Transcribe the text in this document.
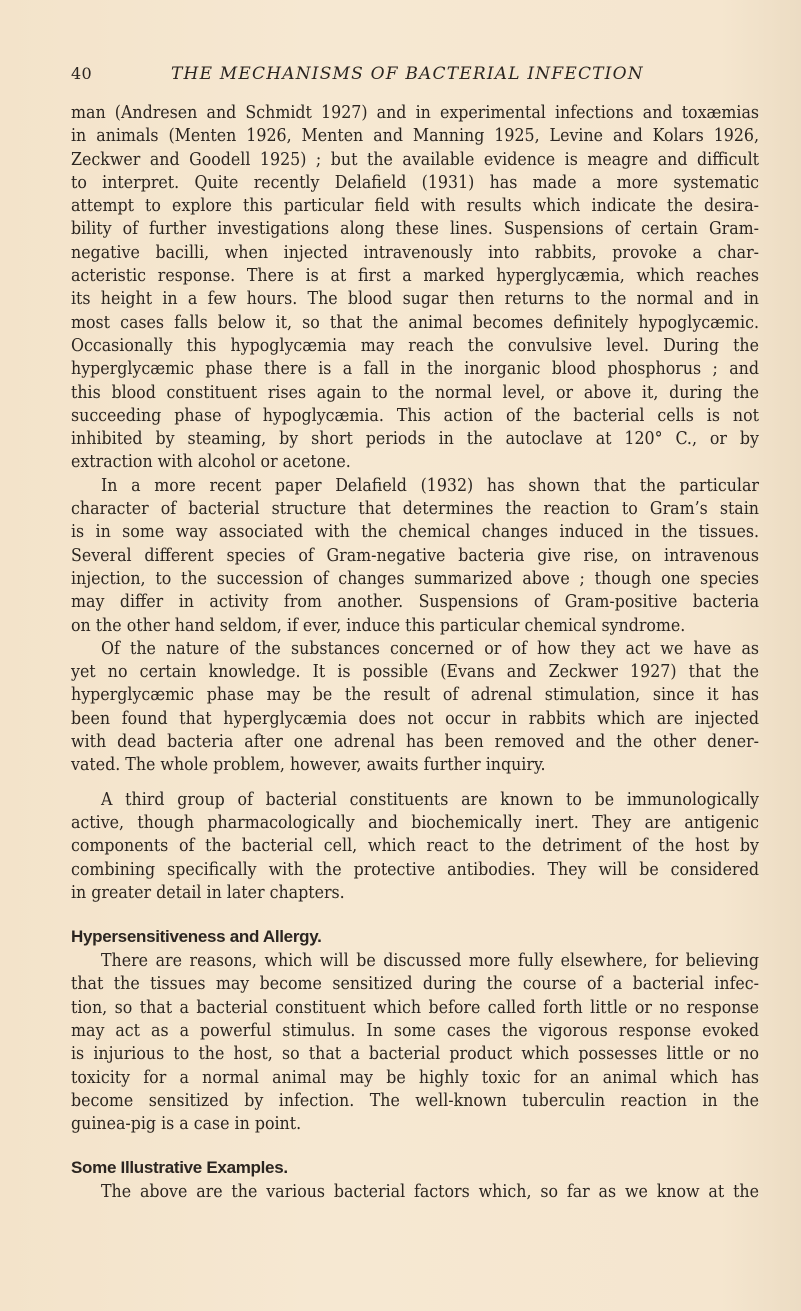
40	THE MECHANISMS OF BACTERIAL INFECTION
man (Andresen and Schmidt 1927) and in experimental infections and toxæmias
in animals (Menten 1926, Menten and Manning 1925, Levine and Kolars 1926,
Zeckwer and Goodell 1925) ; but the available evidence is meagre and difficult
to interpret. Quite recently Delafield (1931) has made a more systematic
attempt to explore this particular field with results which indicate the desira-
bility of further investigations along these lines. Suspensions of certain Gram-
negative bacilli, when injected intravenously into rabbits, provoke a char-
acteristic response. There is at first a marked hyperglycæmia, which reaches
its height in a few hours. The blood sugar then returns to the normal and in
most cases falls below it, so that the animal becomes definitely hypoglycæmic.
Occasionally this hypoglycæmia may reach the convulsive level. During the
hyperglycæmic phase there is a fall in the inorganic blood phosphorus ; and
this blood constituent rises again to the normal level, or above it, during the
succeeding phase of hypoglycæmia. This action of the bacterial cells is not
inhibited by steaming, by short periods in the autoclave at 120° C., or by
extraction with alcohol or acetone.
In a more recent paper Delafield (1932) has shown that the particular
character of bacterial structure that determines the reaction to Gram’s stain
is in some way associated with the chemical changes induced in the tissues.
Several different species of Gram-negative bacteria give rise, on intravenous
injection, to the succession of changes summarized above ; though one species
may differ in activity from another. Suspensions of Gram-positive bacteria
on the other hand seldom, if ever, induce this particular chemical syndrome.
Of the nature of the substances concerned or of how they act we have as
yet no certain knowledge. It is possible (Evans and Zeckwer 1927) that the
hyperglycæmic phase may be the result of adrenal stimulation, since it has
been found that hyperglycæmia does not occur in rabbits which are injected
with dead bacteria after one adrenal has been removed and the other dener-
vated. The whole problem, however, awaits further inquiry.
A third group of bacterial constituents are known to be immunologically
active, though pharmacologically and biochemically inert. They are antigenic
components of the bacterial cell, which react to the detriment of the host by
combining specifically with the protective antibodies. They will be considered
in greater detail in later chapters.
Hypersensitiveness and Allergy.
There are reasons, which will be discussed more fully elsewhere, for believing
that the tissues may become sensitized during the course of a bacterial infec-
tion, so that a bacterial constituent which before called forth little or no response
may act as a powerful stimulus. In some cases the vigorous response evoked
is injurious to the host, so that a bacterial product which possesses little or no
toxicity for a normal animal may be highly toxic for an animal which has
become sensitized by infection. The well-known tuberculin reaction in the
guinea-pig is a case in point.
Some Illustrative Examples.
The above are the various bacterial factors which, so far as we know at the
